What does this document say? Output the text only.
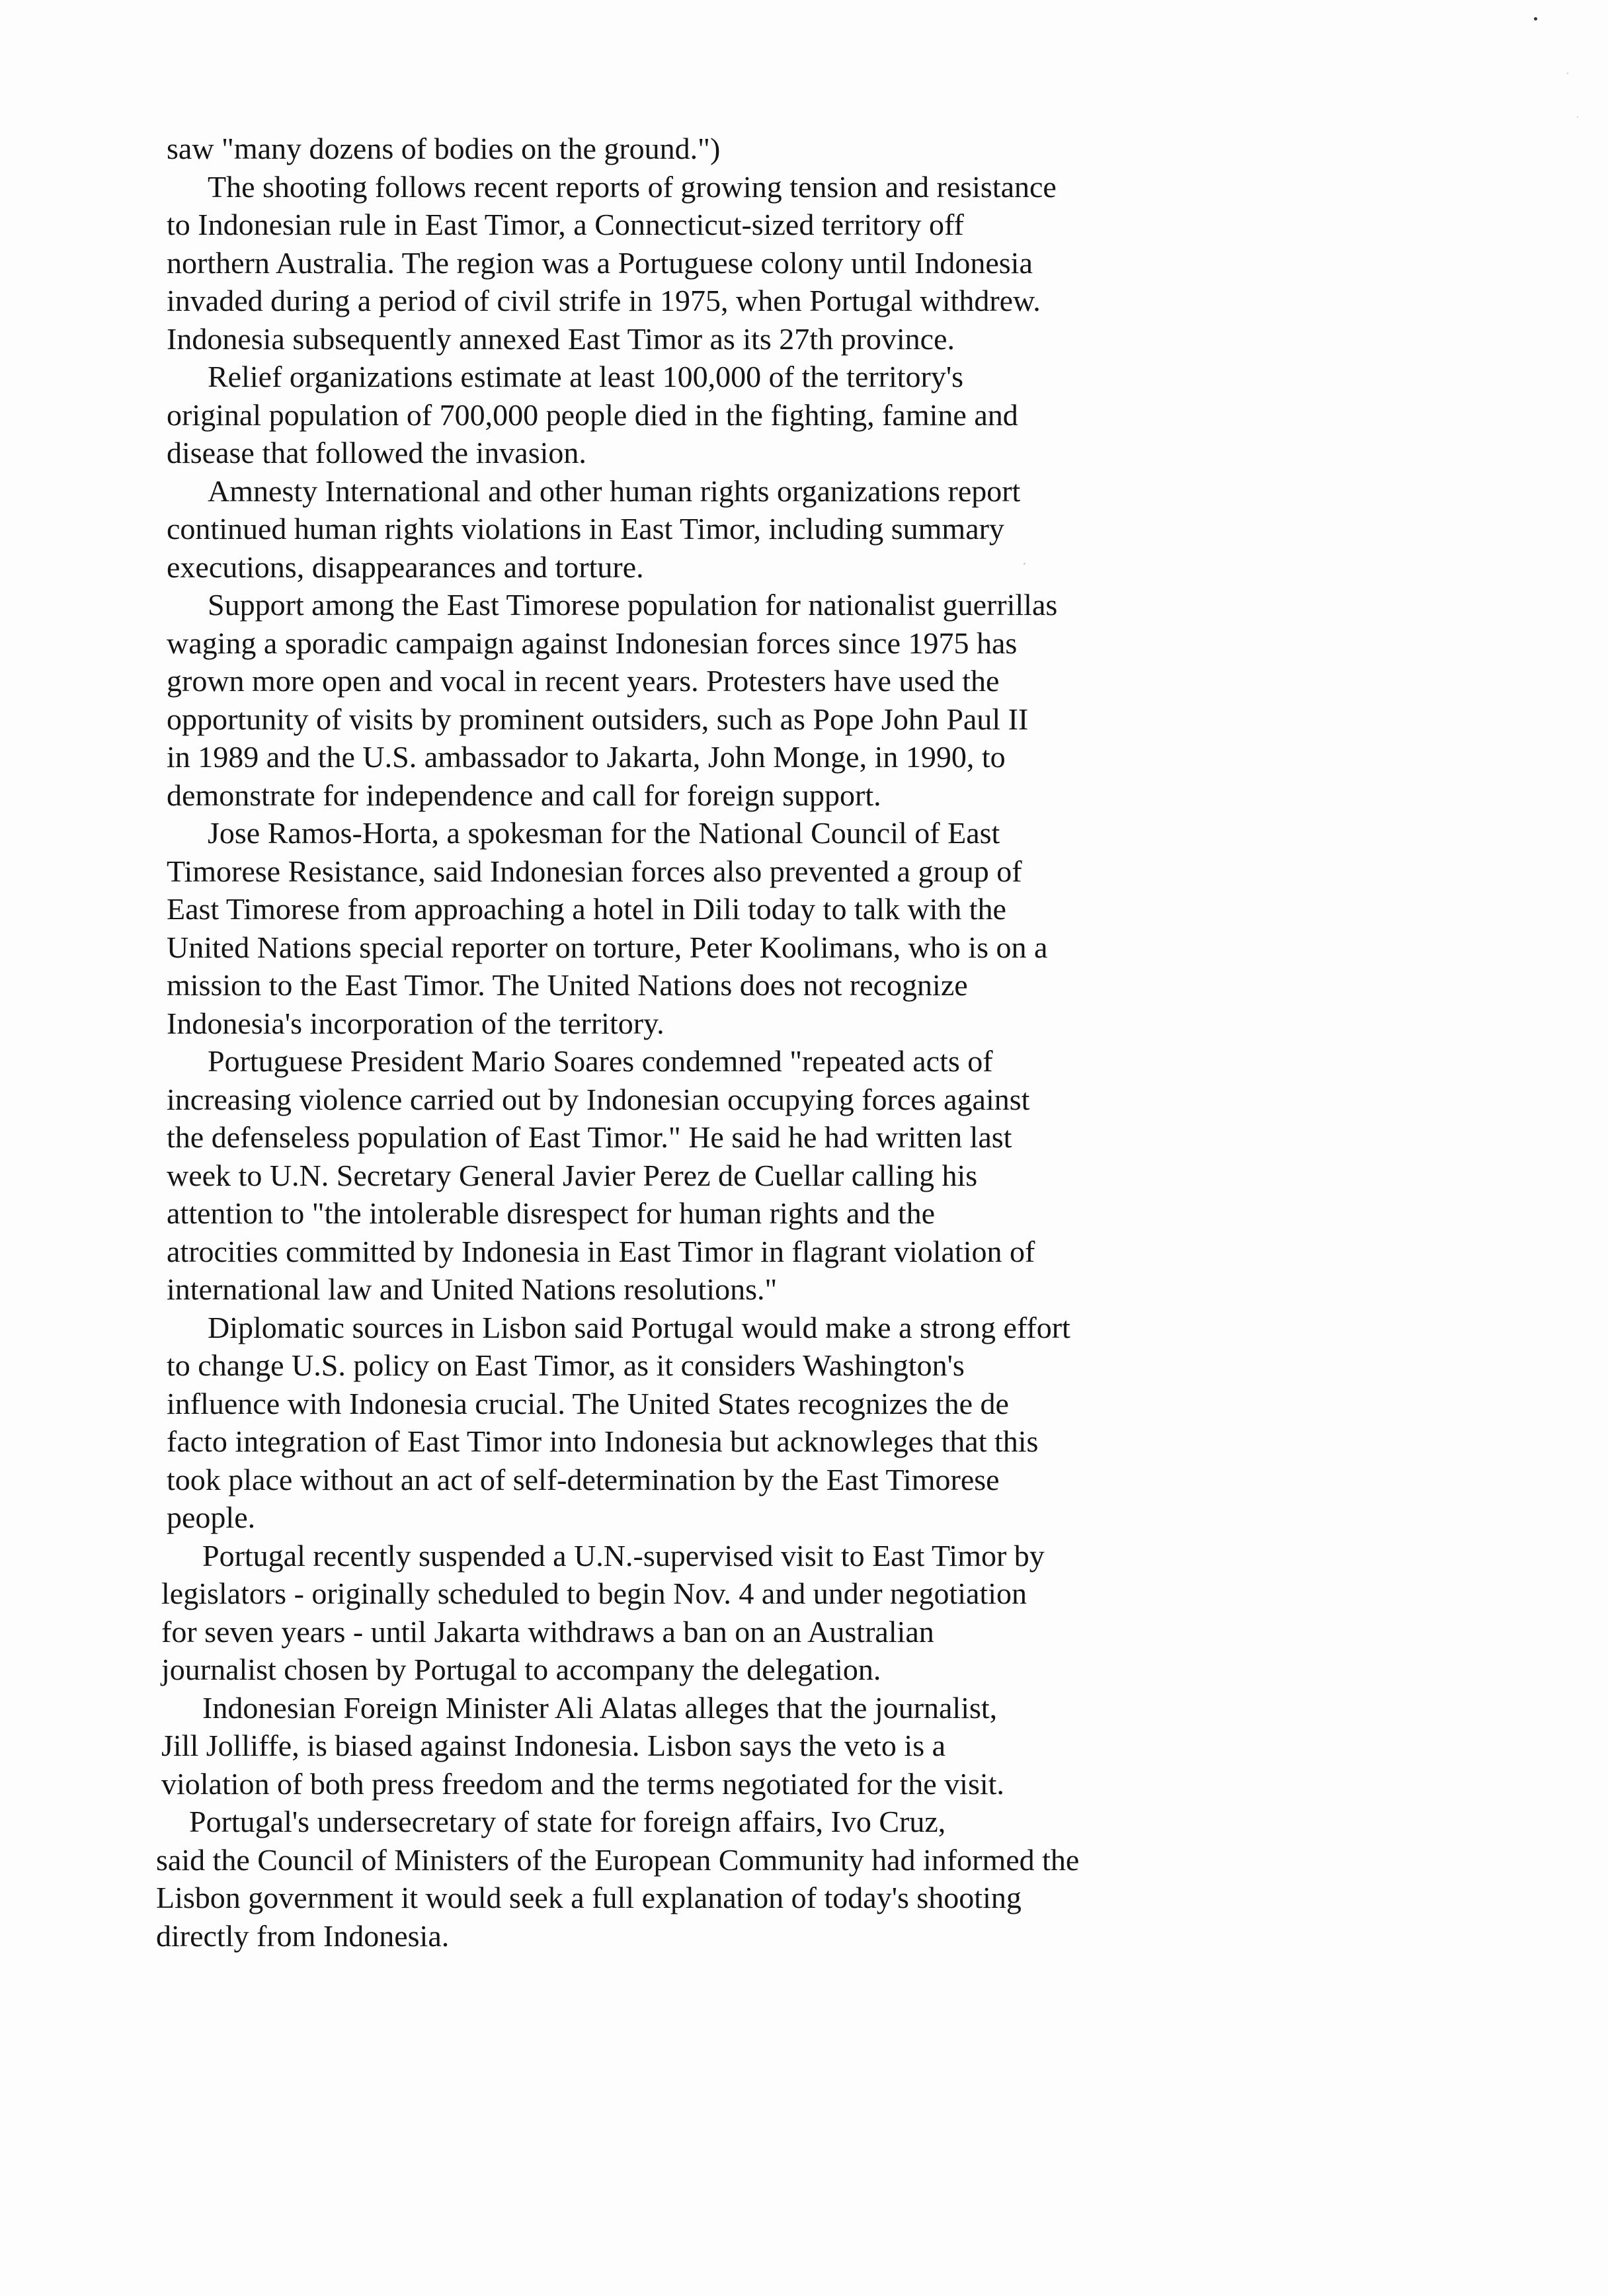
saw "many dozens of bodies on the ground.")

The shooting follows recent reports of growing tension and resistance
to Indonesian rule in East Timor, a Connecticut-sized territory off
northern Australia. The region was a Portuguese colony until Indonesia
invaded during a period of civil strife in 1975, when Portugal withdrew.
Indonesia subsequently annexed East Timor as its 27th province.

Relief organizations estimate at least 100,000 of the territory's
original population of 700,000 people died in the fighting, famine and
disease that followed the invasion.

Amnesty International and other human rights organizations report
continued human rights violations in East Timor, including summary
executions, disappearances and torture.

Support among the East Timorese population for nationalist guerrillas
waging a sporadic campaign against Indonesian forces since 1975 has
grown more open and vocal in recent years. Protesters have used the
opportunity of visits by prominent outsiders, such as Pope John Paul II
in 1989 and the U.S. ambassador to Jakarta, John Monge, in 1990, to
demonstrate for independence and call for foreign support.

Jose Ramos-Horta, a spokesman for the National Council of East
Timorese Resistance, said Indonesian forces also prevented a group of
East Timorese from approaching a hotel in Dili today to talk with the
United Nations special reporter on torture, Peter Koolimans, who is on a
mission to the East Timor. The United Nations does not recognize
Indonesia's incorporation of the territory.

Portuguese President Mario Soares condemned "repeated acts of
increasing violence carried out by Indonesian occupying forces against
the defenseless population of East Timor." He said he had written last
week to U.N. Secretary General Javier Perez de Cuellar calling his
attention to "the intolerable disrespect for human rights and the
atrocities committed by Indonesia in East Timor in flagrant violation of
international law and United Nations resolutions."

Diplomatic sources in Lisbon said Portugal would make a strong effort
to change U.S. policy on East Timor, as it considers Washington's
influence with Indonesia crucial. The United States recognizes the de
facto integration of East Timor into Indonesia but acknowleges that this
took place without an act of self-determination by the East Timorese
people.

Portugal recently suspended a U.N.-supervised visit to East Timor by
legislators - originally scheduled to begin Nov. 4 and under negotiation
for seven years - until Jakarta withdraws a ban on an Australian
journalist chosen by Portugal to accompany the delegation.

Indonesian Foreign Minister Ali Alatas alleges that the journalist,
Jill Jolliffe, is biased against Indonesia. Lisbon says the veto is a
violation of both press freedom and the terms negotiated for the visit.

Portugal's undersecretary of state for foreign affairs, Ivo Cruz,
said the Council of Ministers of the European Community had informed the
Lisbon government it would seek a full explanation of today's shooting
directly from Indonesia.
